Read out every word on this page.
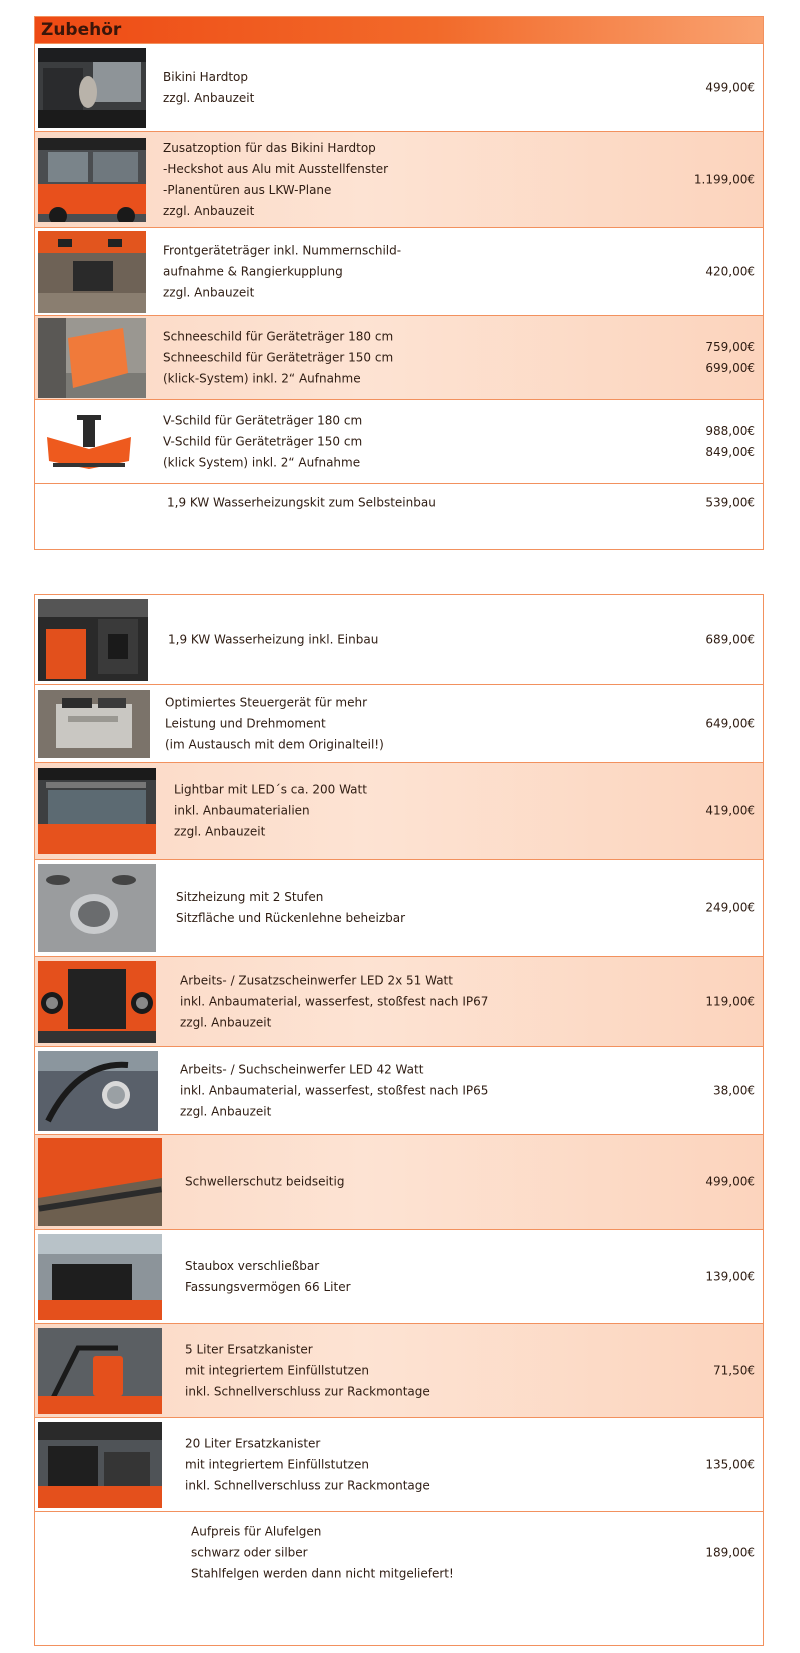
Zubehör
Bikini Hardtop
zzgl. Anbauzeit
499,00€
Zusatzoption für das Bikini Hardtop
-Heckshot aus Alu mit Ausstellfenster
-Planentüren aus LKW-Plane
zzgl. Anbauzeit
1.199,00€
Frontgeräteträger inkl. Nummernschild-
aufnahme & Rangierkupplung
zzgl. Anbauzeit
420,00€
Schneeschild für Geräteträger 180 cm
Schneeschild für Geräteträger 150 cm
(klick-System) inkl. 2“ Aufnahme
759,00€
699,00€
V-Schild für Geräteträger 180 cm
V-Schild für Geräteträger 150 cm
(klick System) inkl. 2“ Aufnahme
988,00€
849,00€
1,9 KW Wasserheizungskit zum Selbsteinbau	539,00€
1,9 KW Wasserheizung inkl. Einbau	689,00€
Optimiertes Steuergerät für mehr
Leistung und Drehmoment
(im Austausch mit dem Originalteil!)
649,00€
Lightbar mit LED´s ca. 200 Watt
inkl. Anbaumaterialien
zzgl. Anbauzeit
419,00€
Sitzheizung mit 2 Stufen
Sitzfläche und Rückenlehne beheizbar
249,00€
Arbeits- / Zusatzscheinwerfer LED 2x 51 Watt
inkl. Anbaumaterial, wasserfest, stoßfest nach IP67
zzgl. Anbauzeit
119,00€
Arbeits- / Suchscheinwerfer LED 42 Watt
inkl. Anbaumaterial, wasserfest, stoßfest nach IP65
zzgl. Anbauzeit
38,00€
Schwellerschutz beidseitig	499,00€
Staubox verschließbar
Fassungsvermögen 66 Liter
139,00€
5 Liter Ersatzkanister
mit integriertem Einfüllstutzen
inkl. Schnellverschluss zur Rackmontage
71,50€
20 Liter Ersatzkanister
mit integriertem Einfüllstutzen
inkl. Schnellverschluss zur Rackmontage
135,00€
Aufpreis für Alufelgen
schwarz oder silber
Stahlfelgen werden dann nicht mitgeliefert!
189,00€
